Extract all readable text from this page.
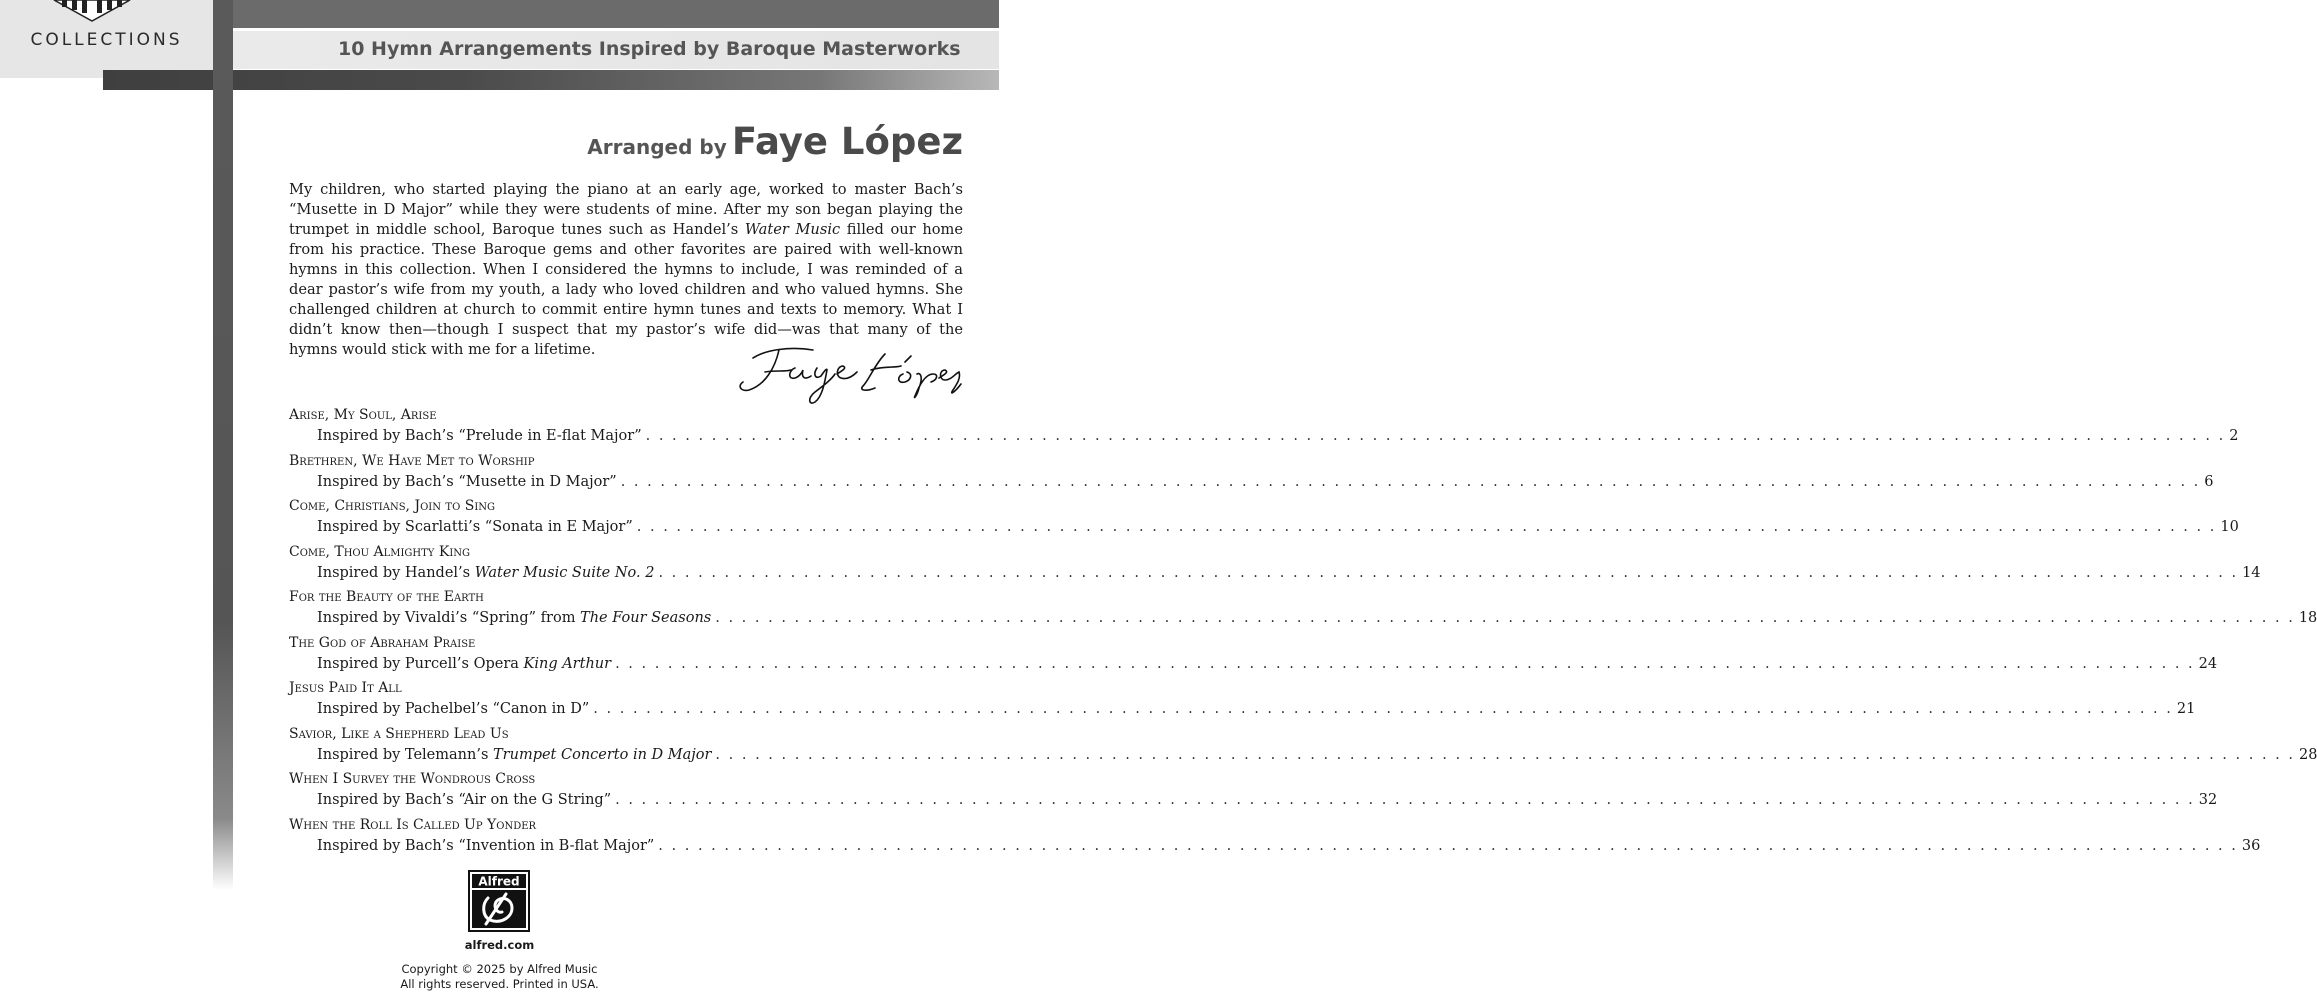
COLLECTIONS	10 Hymn Arrangements Inspired by Baroque Masterworks
Arranged by Faye López

My children, who started playing the piano at an early age, worked to master Bach’s “Musette in D Major” while they were students of mine. After my son began playing the trumpet in middle school, Baroque tunes such as Handel’s Water Music filled our home from his practice. These Baroque gems and other favorites are paired with well-known hymns in this collection. When I considered the hymns to include, I was reminded of a dear pastor’s wife from my youth, a lady who loved children and who valued hymns. She challenged children at church to commit entire hymn tunes and texts to memory. What I didn’t know then—though I suspect that my pastor’s wife did—was that many of the hymns would stick with me for a lifetime.

Arise, My Soul, Arise
Inspired by Bach’s “Prelude in E-flat Major” . . . . . . . . . . . . . . . . . . . . . . . . . . . . . . . . . . . . . . . . . . . . . . . . . . . . . . . . . . . . . . . . . . . . . . . . . . . . . . . . . . . . . . . . . . . . . . . . . . . . . . . . . . . . . . . . . . . . . . . . 2
Brethren, We Have Met to Worship
Inspired by Bach’s “Musette in D Major” . . . . . . . . . . . . . . . . . . . . . . . . . . . . . . . . . . . . . . . . . . . . . . . . . . . . . . . . . . . . . . . . . . . . . . . . . . . . . . . . . . . . . . . . . . . . . . . . . . . . . . . . . . . . . . . . . . . . . . . . 6
Come, Christians, Join to Sing
Inspired by Scarlatti’s “Sonata in E Major” . . . . . . . . . . . . . . . . . . . . . . . . . . . . . . . . . . . . . . . . . . . . . . . . . . . . . . . . . . . . . . . . . . . . . . . . . . . . . . . . . . . . . . . . . . . . . . . . . . . . . . . . . . . . . . . . . . . . . . . . 10
Come, Thou Almighty King
Inspired by Handel’s Water Music Suite No. 2 . . . . . . . . . . . . . . . . . . . . . . . . . . . . . . . . . . . . . . . . . . . . . . . . . . . . . . . . . . . . . . . . . . . . . . . . . . . . . . . . . . . . . . . . . . . . . . . . . . . . . . . . . . . . . . . . . . . . . . . . 14
For the Beauty of the Earth
Inspired by Vivaldi’s “Spring” from The Four Seasons . . . . . . . . . . . . . . . . . . . . . . . . . . . . . . . . . . . . . . . . . . . . . . . . . . . . . . . . . . . . . . . . . . . . . . . . . . . . . . . . . . . . . . . . . . . . . . . . . . . . . . . . . . . . . . . . . . . . . . . . 18
The God of Abraham Praise
Inspired by Purcell’s Opera King Arthur . . . . . . . . . . . . . . . . . . . . . . . . . . . . . . . . . . . . . . . . . . . . . . . . . . . . . . . . . . . . . . . . . . . . . . . . . . . . . . . . . . . . . . . . . . . . . . . . . . . . . . . . . . . . . . . . . . . . . . . . 24
Jesus Paid It All
Inspired by Pachelbel’s “Canon in D” . . . . . . . . . . . . . . . . . . . . . . . . . . . . . . . . . . . . . . . . . . . . . . . . . . . . . . . . . . . . . . . . . . . . . . . . . . . . . . . . . . . . . . . . . . . . . . . . . . . . . . . . . . . . . . . . . . . . . . . . 21
Savior, Like a Shepherd Lead Us
Inspired by Telemann’s Trumpet Concerto in D Major . . . . . . . . . . . . . . . . . . . . . . . . . . . . . . . . . . . . . . . . . . . . . . . . . . . . . . . . . . . . . . . . . . . . . . . . . . . . . . . . . . . . . . . . . . . . . . . . . . . . . . . . . . . . . . . . . . . . . . . . 28
When I Survey the Wondrous Cross
Inspired by Bach’s “Air on the G String” . . . . . . . . . . . . . . . . . . . . . . . . . . . . . . . . . . . . . . . . . . . . . . . . . . . . . . . . . . . . . . . . . . . . . . . . . . . . . . . . . . . . . . . . . . . . . . . . . . . . . . . . . . . . . . . . . . . . . . . . 32
When the Roll Is Called Up Yonder
Inspired by Bach’s “Invention in B-flat Major” . . . . . . . . . . . . . . . . . . . . . . . . . . . . . . . . . . . . . . . . . . . . . . . . . . . . . . . . . . . . . . . . . . . . . . . . . . . . . . . . . . . . . . . . . . . . . . . . . . . . . . . . . . . . . . . . . . . . . . . . 36
Alfred
alfred.com
Copyright © 2025 by Alfred Music
All rights reserved. Printed in USA.
